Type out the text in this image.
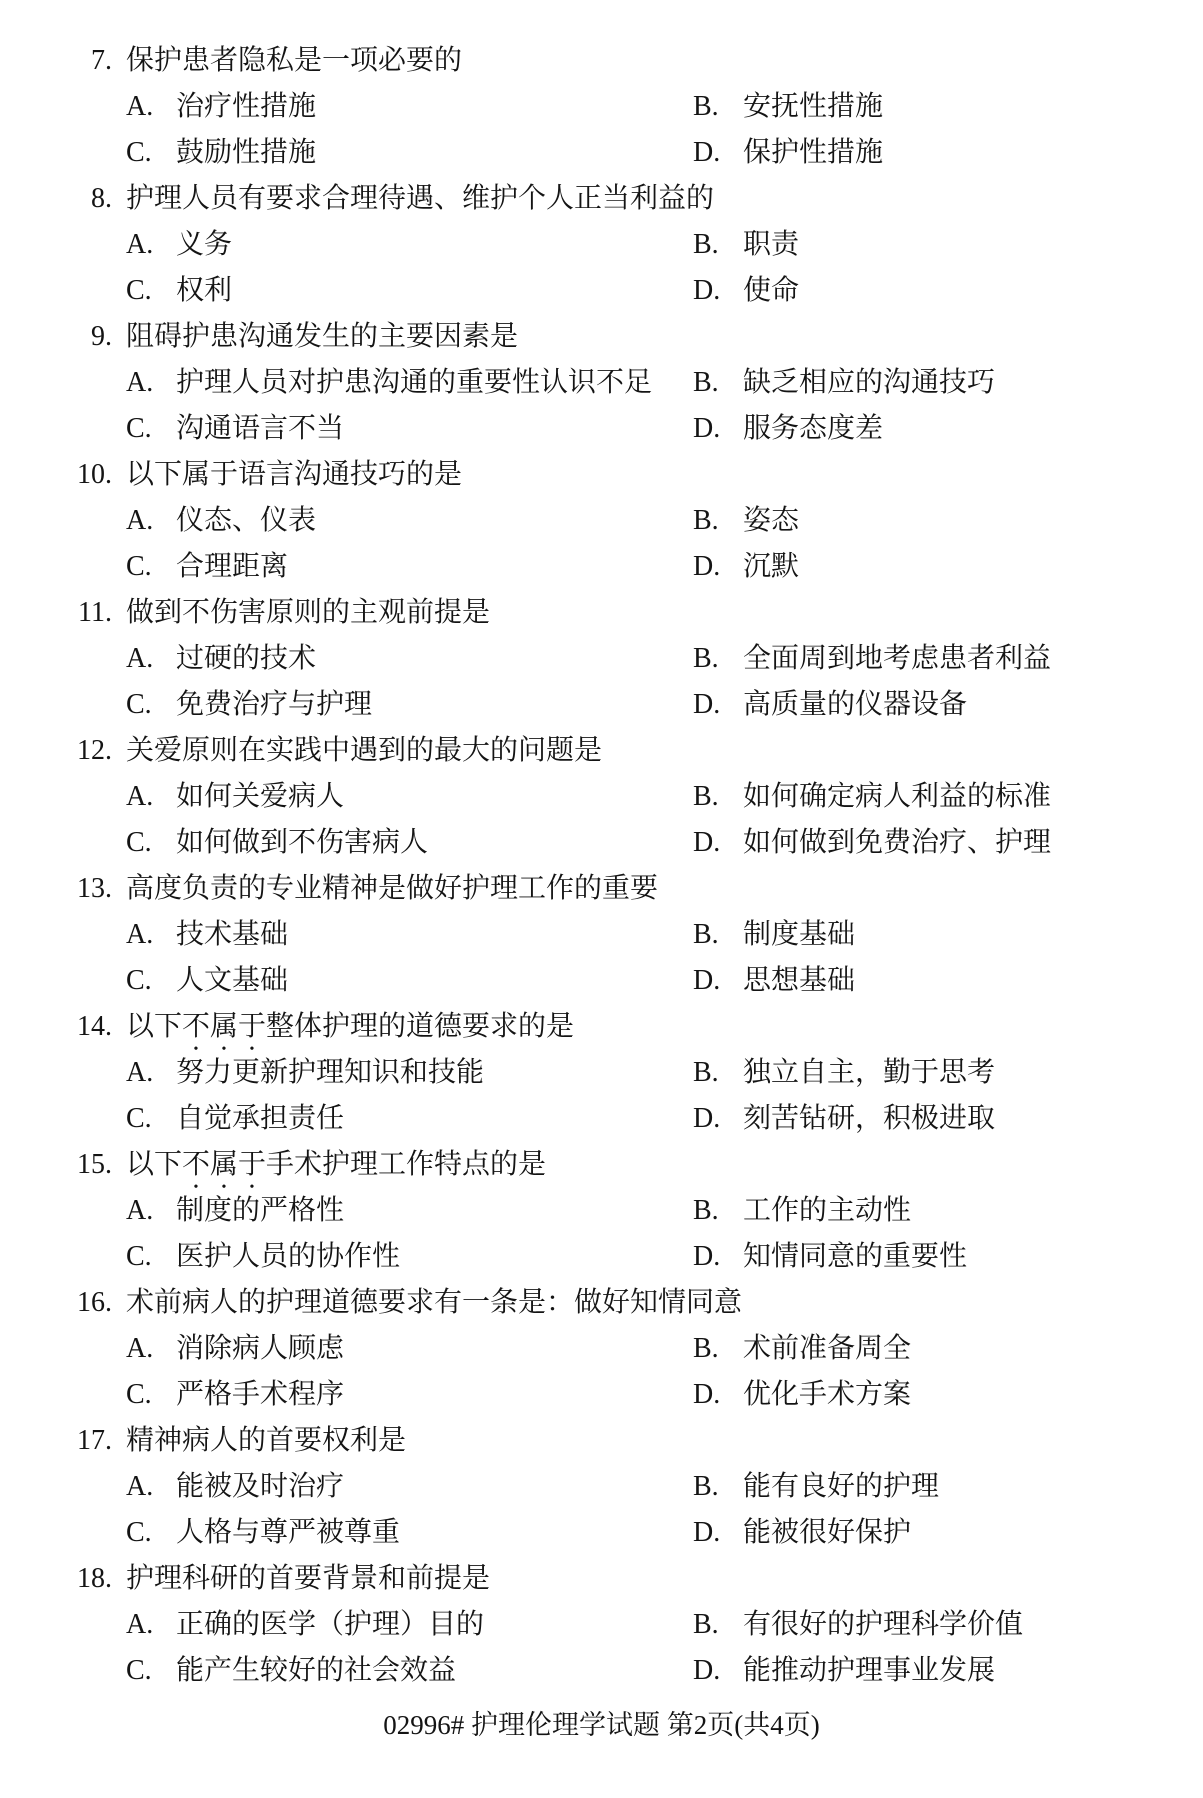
7. 保护患者隐私是一项必要的
A. 治疗性措施	B. 安抚性措施
C. 鼓励性措施	D. 保护性措施
8. 护理人员有要求合理待遇、维护个人正当利益的
A. 义务	B. 职责
C. 权利	D. 使命
9. 阻碍护患沟通发生的主要因素是
A. 护理人员对护患沟通的重要性认识不足 B. 缺乏相应的沟通技巧
C. 沟通语言不当	D. 服务态度差
10. 以下属于语言沟通技巧的是
A. 仪态、仪表	B. 姿态
C. 合理距离	D. 沉默
11. 做到不伤害原则的主观前提是
A. 过硬的技术	B. 全面周到地考虑患者利益
C. 免费治疗与护理	D. 高质量的仪器设备
12. 关爱原则在实践中遇到的最大的问题是
A. 如何关爱病人	B. 如何确定病人利益的标准
C. 如何做到不伤害病人	D. 如何做到免费治疗、护理
13. 高度负责的专业精神是做好护理工作的重要
A. 技术基础	B. 制度基础
C. 人文基础	D. 思想基础
14. 以下不属于整体护理的道德要求的是
A. 努力更新护理知识和技能	B. 独立自主，勤于思考
C. 自觉承担责任	D. 刻苦钻研，积极进取
15. 以下不属于手术护理工作特点的是
A. 制度的严格性	B. 工作的主动性
C. 医护人员的协作性	D. 知情同意的重要性
16. 术前病人的护理道德要求有一条是：做好知情同意
A. 消除病人顾虑	B. 术前准备周全
C. 严格手术程序	D. 优化手术方案
17. 精神病人的首要权利是
A. 能被及时治疗	B. 能有良好的护理
C. 人格与尊严被尊重	D. 能被很好保护
18. 护理科研的首要背景和前提是
A. 正确的医学（护理）目的	B. 有很好的护理科学价值
C. 能产生较好的社会效益	D. 能推动护理事业发展
02996# 护理伦理学试题 第2页(共4页)
